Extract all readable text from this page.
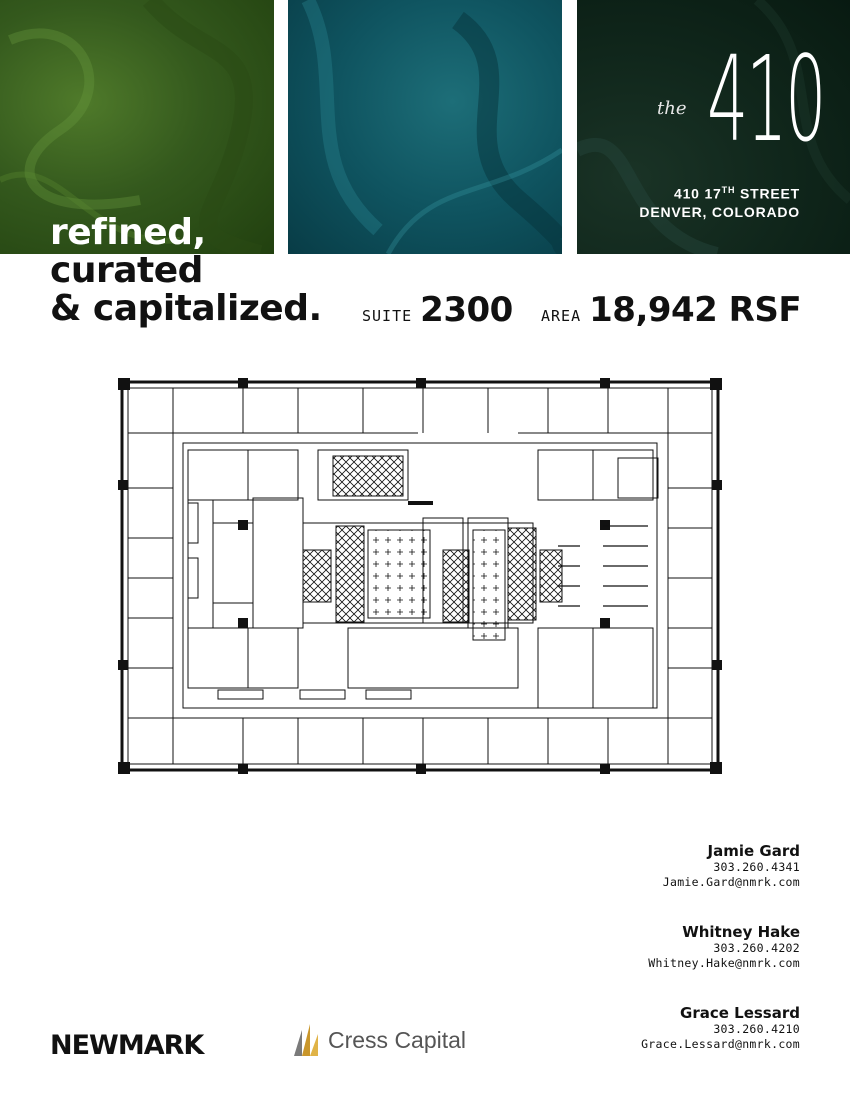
the 410
410 17TH STREET
DENVER, COLORADO
refined,
curated
& capitalized.	SUITE 2300 AREA 18,942 RSF
Jamie Gard
303.260.4341
Jamie.Gard@nmrk.com
Whitney Hake
303.260.4202
Whitney.Hake@nmrk.com
Grace Lessard
303.260.4210
Grace.Lessard@nmrk.com
NEWMARK	Cress Capital
